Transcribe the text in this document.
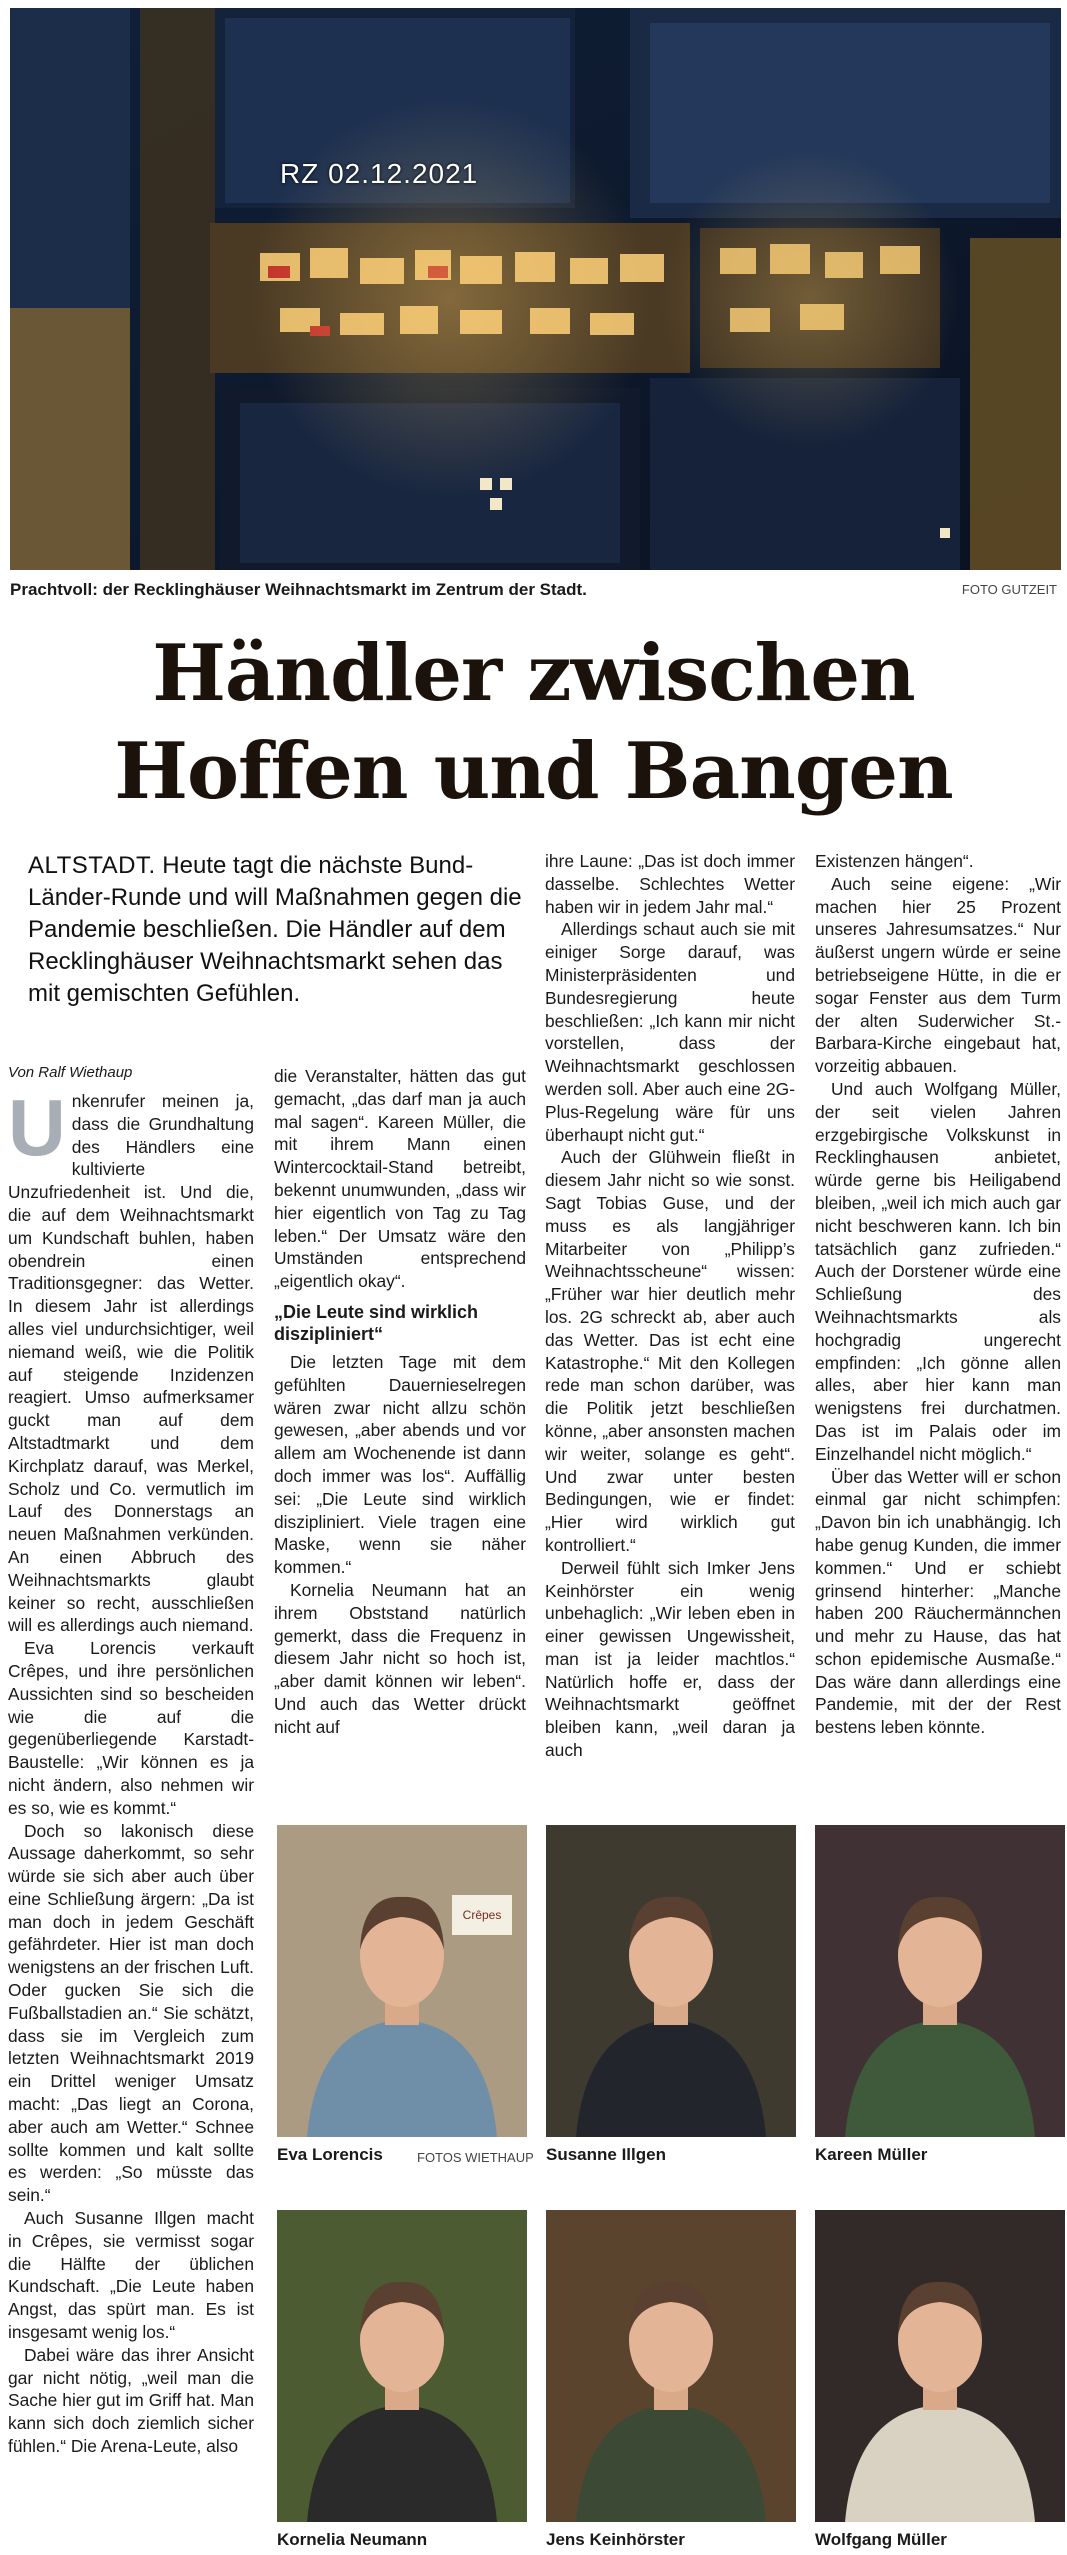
RZ 02.12.2021
Prachtvoll: der Recklinghäuser Weihnachtsmarkt im Zentrum der Stadt.	FOTO GUTZEIT
Händler zwischen
Hoffen und Bangen
ALTSTADT. Heute tagt die nächste Bund-Länder-Runde und will Maßnahmen gegen die Pandemie beschließen. Die Händler auf dem Recklinghäuser Weihnachtsmarkt sehen das mit gemischten Gefühlen.
Von Ralf Wiethaup
U nkenrufer meinen ja, dass die Grundhaltung des Händlers eine kultivierte Unzufriedenheit ist. Und die, die auf dem Weihnachtsmarkt um Kundschaft buhlen, haben obendrein einen Traditionsgegner: das Wetter. In diesem Jahr ist allerdings alles viel undurchsichtiger, weil niemand weiß, wie die Politik auf steigende Inzidenzen reagiert. Umso aufmerksamer guckt man auf dem Altstadtmarkt und dem Kirchplatz darauf, was Merkel, Scholz und Co. vermutlich im Lauf des Donnerstags an neuen Maßnahmen verkünden. An einen Abbruch des Weihnachtsmarkts glaubt keiner so recht, ausschließen will es allerdings auch niemand.

Eva Lorencis verkauft Crêpes, und ihre persönlichen Aussichten sind so bescheiden wie die auf die gegenüberliegende Karstadt-Baustelle: „Wir können es ja nicht ändern, also nehmen wir es so, wie es kommt.“

Doch so lakonisch diese Aussage daherkommt, so sehr würde sie sich aber auch über eine Schließung ärgern: „Da ist man doch in jedem Geschäft gefährdeter. Hier ist man doch wenigstens an der frischen Luft. Oder gucken Sie sich die Fußballstadien an.“ Sie schätzt, dass sie im Vergleich zum letzten Weihnachtsmarkt 2019 ein Drittel weniger Umsatz macht: „Das liegt an Corona, aber auch am Wetter.“ Schnee sollte kommen und kalt sollte es werden: „So müsste das sein.“

Auch Susanne Illgen macht in Crêpes, sie vermisst sogar die Hälfte der üblichen Kundschaft. „Die Leute haben Angst, das spürt man. Es ist insgesamt wenig los.“

Dabei wäre das ihrer Ansicht gar nicht nötig, „weil man die Sache hier gut im Griff hat. Man kann sich doch ziemlich sicher fühlen.“ Die Arena-Leute, also

die Veranstalter, hätten das gut gemacht, „das darf man ja auch mal sagen“. Kareen Müller, die mit ihrem Mann einen Wintercocktail-Stand betreibt, bekennt unumwunden, „dass wir hier eigentlich von Tag zu Tag leben.“ Der Umsatz wäre den Umständen entsprechend „eigentlich okay“.

„Die Leute sind wirklich diszipliniert“

Die letzten Tage mit dem gefühlten Dauernieselregen wären zwar nicht allzu schön gewesen, „aber abends und vor allem am Wochenende ist dann doch immer was los“. Auffällig sei: „Die Leute sind wirklich diszipliniert. Viele tragen eine Maske, wenn sie näher kommen.“

Kornelia Neumann hat an ihrem Obststand natürlich gemerkt, dass die Frequenz in diesem Jahr nicht so hoch ist, „aber damit können wir leben“. Und auch das Wetter drückt nicht auf

ihre Laune: „Das ist doch immer dasselbe. Schlechtes Wetter haben wir in jedem Jahr mal.“

Allerdings schaut auch sie mit einiger Sorge darauf, was Ministerpräsidenten und Bundesregierung heute beschließen: „Ich kann mir nicht vorstellen, dass der Weihnachtsmarkt geschlossen werden soll. Aber auch eine 2G-Plus-Regelung wäre für uns überhaupt nicht gut.“

Auch der Glühwein fließt in diesem Jahr nicht so wie sonst. Sagt Tobias Guse, und der muss es als langjähriger Mitarbeiter von „Philipp’s Weihnachtsscheune“ wissen: „Früher war hier deutlich mehr los. 2G schreckt ab, aber auch das Wetter. Das ist echt eine Katastrophe.“ Mit den Kollegen rede man schon darüber, was die Politik jetzt beschließen könne, „aber ansonsten machen wir weiter, solange es geht“. Und zwar unter besten Bedingungen, wie er findet: „Hier wird wirklich gut kontrolliert.“

Derweil fühlt sich Imker Jens Keinhörster ein wenig unbehaglich: „Wir leben eben in einer gewissen Ungewissheit, man ist ja leider machtlos.“ Natürlich hoffe er, dass der Weihnachtsmarkt geöffnet bleiben kann, „weil daran ja auch

Existenzen hängen“.

Auch seine eigene: „Wir machen hier 25 Prozent unseres Jahresumsatzes.“ Nur äußerst ungern würde er seine betriebseigene Hütte, in die er sogar Fenster aus dem Turm der alten Suderwicher St.-Barbara-Kirche eingebaut hat, vorzeitig abbauen.

Und auch Wolfgang Müller, der seit vielen Jahren erzgebirgische Volkskunst in Recklinghausen anbietet, würde gerne bis Heiligabend bleiben, „weil ich mich auch gar nicht beschweren kann. Ich bin tatsächlich ganz zufrieden.“ Auch der Dorstener würde eine Schließung des Weihnachtsmarkts als hochgradig ungerecht empfinden: „Ich gönne allen alles, aber hier kann man wenigstens frei durchatmen. Das ist im Palais oder im Einzelhandel nicht möglich.“

Über das Wetter will er schon einmal gar nicht schimpfen: „Davon bin ich unabhängig. Ich habe genug Kunden, die immer kommen.“ Und er schiebt grinsend hinterher: „Manche haben 200 Räuchermännchen und mehr zu Hause, das hat schon epidemische Ausmaße.“ Das wäre dann allerdings eine Pandemie, mit der der Rest bestens leben könnte.

Crêpes
Eva Lorencis	Susanne Illgen	Kareen Müller
Kornelia Neumann	Jens Keinhörster	Wolfgang Müller
FOTOS WIETHAUP
